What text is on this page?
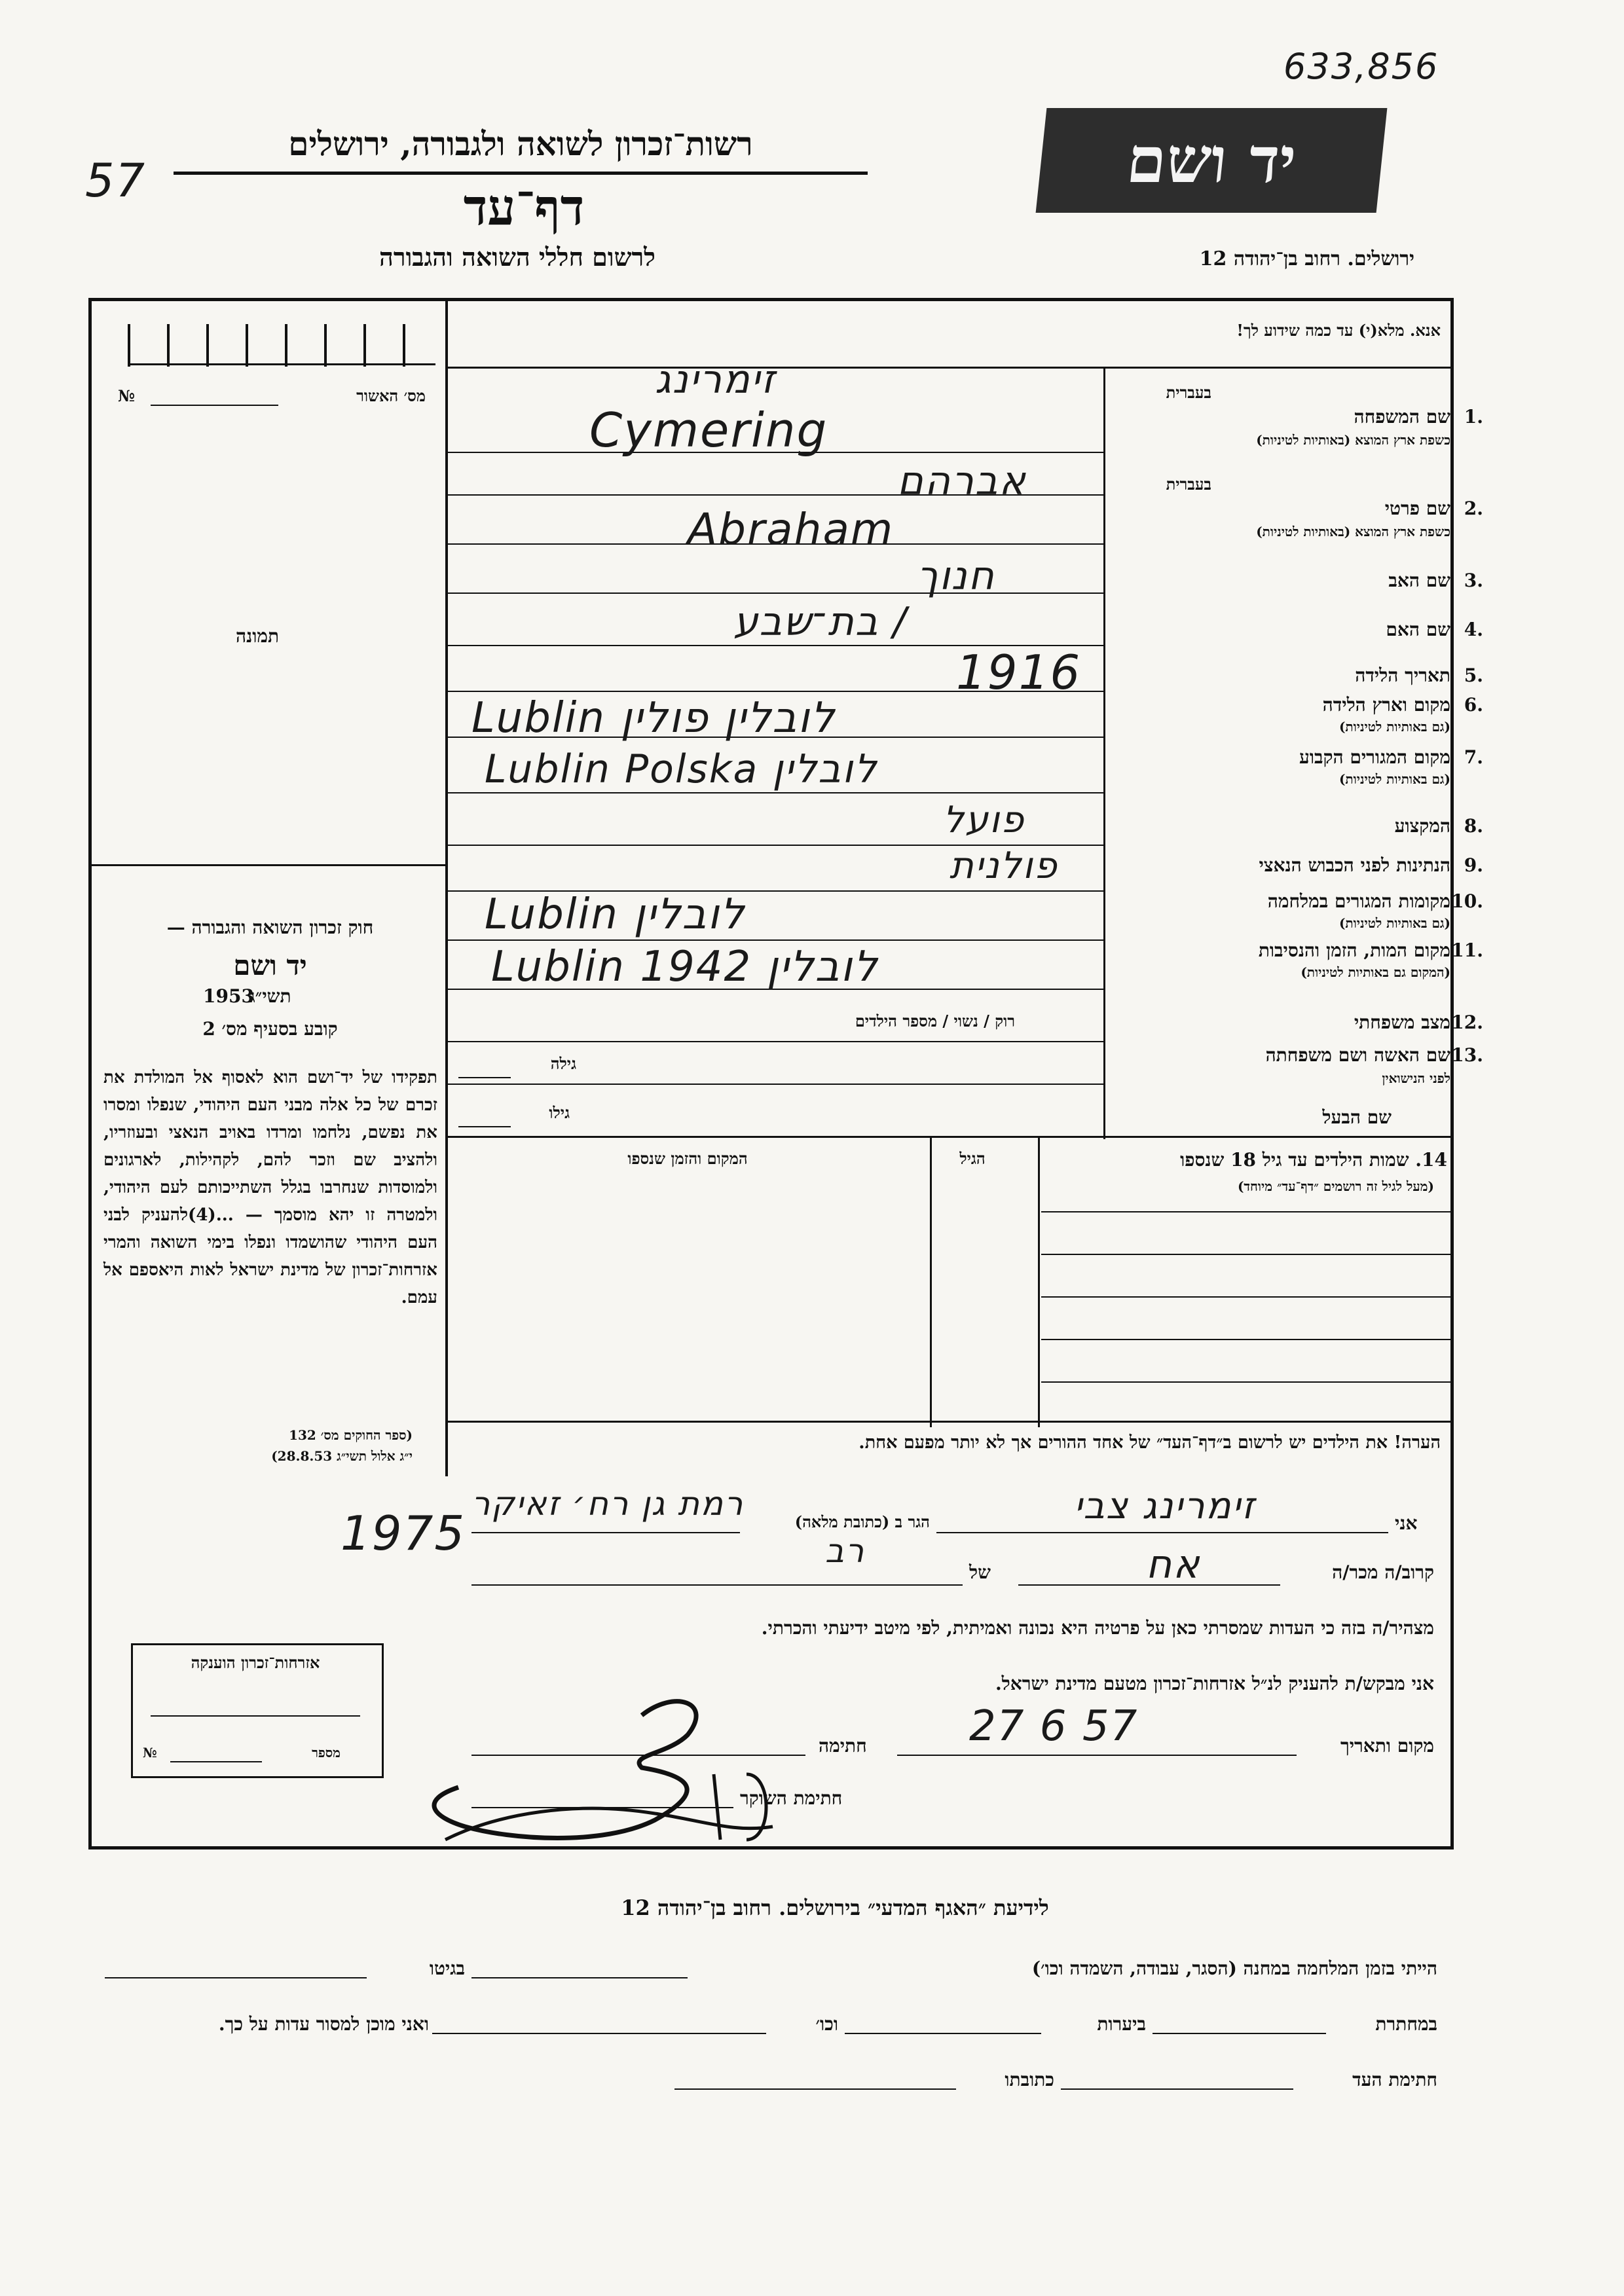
633,856
57
רשות־זכרון לשואה ולגבורה, ירושלים	יד ושם
דף־עד
לרשום חללי השואה והגבורה	ירושלים. רחוב בן־יהודה 12
מס׳ האשור
№
תמונה
חוק זכרון השואה והגבורה —
יד ושם
תשי״ג
1953
קובע בסעיף מס׳ 2
תפקידו של יד־ושם הוא לאסוף אל המולדת את זכרם של כל אלה מבני העם היהודי, שנפלו ומסרו את נפשם, נלחמו ומרדו באויב הנאצי ובעוזריו, ולהציב שם וזכר להם, לקהילות, לארגונים ולמוסדות שנחרבו בגלל השתייכותם לעם היהודי, ולמטרה זו יהא מוסמך — ...(4)להעניק לבני העם היהודי שהושמדו ונפלו בימי השואה והמרי אזרחות־זכרון של מדינת ישראל לאות היאספם אל עמם.
(ספר החוקים מס׳ 132
י״ג אלול תשי״ג 28.8.53)
אנא. מלא(י) עד כמה שידוע לך!
בעברית
בעברית
1.
שם המשפחה
כשפת ארץ המוצא (באותיות לטיניות)
זימרינג
Cymering
2.
שם פרטי
כשפת ארץ המוצא (באותיות לטיניות)
אברהם
Abraham
3.
שם האב
חנוך
4.
שם האם
/ בת־שבע
5.
תאריך הלידה
1916
6.
מקום וארץ הלידה
(גם באותיות לטיניות)
Lublin לובלין פולין
7.
מקום המגורים הקבוע
(גם באותיות לטיניות)
Lublin Polska לובלין
8.
המקצוע
פועל
9.
הנתינות לפני הכבוש הנאצי
פולנית
10.
מקומות המגורים במלחמה
(גם באותיות לטיניות)
Lublin לובלין
11.
מקום המות, הזמן והנסיבות
(המקום גם באותיות לטיניות)
Lublin לובלין 1942
12.
מצב משפחתי
רוק / נשוי / מספר הילדים
13.
שם האשה ושם משפחתה
לפני הנישואין
גילה
שם הבעל
גילו
14. שמות הילדים עד גיל 18 שנספו
(מעל לגיל זה רושמים ״דף־עד״ מיוחד)
הגיל
המקום והזמן שנספו
הערה! את הילדים יש לרשום ב״דף־העד״ של אחד ההורים אך לא יותר מפעם אחת.
אני
זימרינג צבי
הגר ב (כתובת מלאה)
רמת גן רח׳ זאיקר
1975
קרוב/ה מכר/ה
אח
של
רב
מצהיר/ה בזה כי העדות שמסרתי כאן על פרטיה היא נכונה ואמיתית, לפי מיטב ידיעתי והכרתי.
אזרחות־זכרון הוענקה
מספר
№
אני מבקש/ת להעניק לנ״ל אזרחות־זכרון מטעם מדינת ישראל.
מקום ותאריך
27 6 57
חתימה
חתימת השוקר
לידיעת ״האגף המדעי״ בירושלים. רחוב בן־יהודה 12
הייתי בזמן המלחמה במחנה (הסגר, עבודה, השמדה וכו׳)
בגיטו
במחתרת
ביערות
וכו׳
ואני מוכן למסור עדות על כך.
חתימת העד
כתובתו
